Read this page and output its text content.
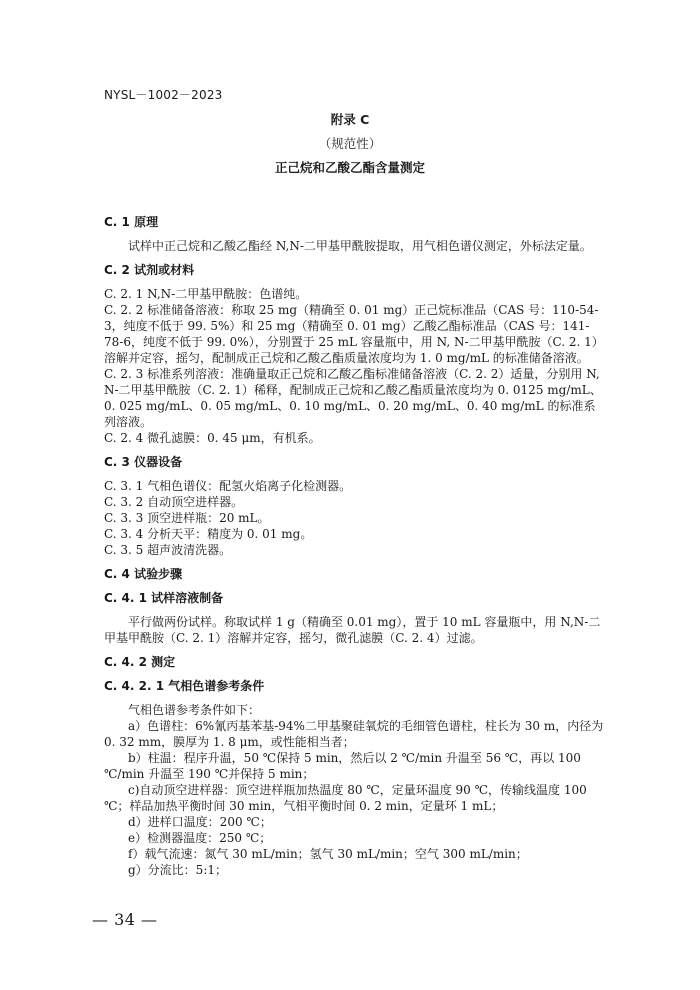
NYSL－1002－2023
附录 C
（规范性）
正己烷和乙酸乙酯含量测定
C. 1 原理

试样中正己烷和乙酸乙酯经 N,N-二甲基甲酰胺提取，用气相色谱仪测定，外标法定量。

C. 2 试剂或材料

C. 2. 1 N,N-二甲基甲酰胺：色谱纯。

C. 2. 2 标准储备溶液：称取 25 mg（精确至 0. 01 mg）正己烷标准品（CAS 号：110-54-3，纯度不低于 99. 5%）和 25 mg（精确至 0. 01 mg）乙酸乙酯标准品（CAS 号：141-78-6，纯度不低于 99. 0%），分别置于 25 mL 容量瓶中，用 N, N-二甲基甲酰胺（C. 2. 1）溶解并定容，摇匀，配制成正己烷和乙酸乙酯质量浓度均为 1. 0 mg/mL 的标准储备溶液。

C. 2. 3 标准系列溶液：准确量取正己烷和乙酸乙酯标准储备溶液（C. 2. 2）适量，分别用 N, N-二甲基甲酰胺（C. 2. 1）稀释，配制成正己烷和乙酸乙酯质量浓度均为 0. 0125 mg/mL、0. 025 mg/mL、0. 05 mg/mL、0. 10 mg/mL、0. 20 mg/mL、0. 40 mg/mL 的标准系列溶液。

C. 2. 4 微孔滤膜：0. 45 μm，有机系。

C. 3 仪器设备

C. 3. 1 气相色谱仪：配氢火焰离子化检测器。

C. 3. 2 自动顶空进样器。

C. 3. 3 顶空进样瓶：20 mL。

C. 3. 4 分析天平：精度为 0. 01 mg。

C. 3. 5 超声波清洗器。

C. 4 试验步骤
C. 4. 1 试样溶液制备

平行做两份试样。称取试样 1 g（精确至 0.01 mg），置于 10 mL 容量瓶中，用 N,N-二甲基甲酰胺（C. 2. 1）溶解并定容，摇匀，微孔滤膜（C. 2. 4）过滤。

C. 4. 2 测定
C. 4. 2. 1 气相色谱参考条件

气相色谱参考条件如下：

a）色谱柱：6%氰丙基苯基-94%二甲基聚硅氧烷的毛细管色谱柱，柱长为 30 m，内径为 0. 32 mm，膜厚为 1. 8 μm，或性能相当者；

b）柱温：程序升温，50 ℃保持 5 min，然后以 2 ℃/min 升温至 56 ℃，再以 100 ℃/min 升温至 190 ℃并保持 5 min；

c)自动顶空进样器：顶空进样瓶加热温度 80 ℃，定量环温度 90 ℃，传输线温度 100 ℃；样品加热平衡时间 30 min，气相平衡时间 0. 2 min，定量环 1 mL；

d）进样口温度：200 ℃；

e）检测器温度：250 ℃；

f）载气流速：氮气 30 mL/min；氢气 30 mL/min；空气 300 mL/min；

g）分流比：5:1；

— 34 —
